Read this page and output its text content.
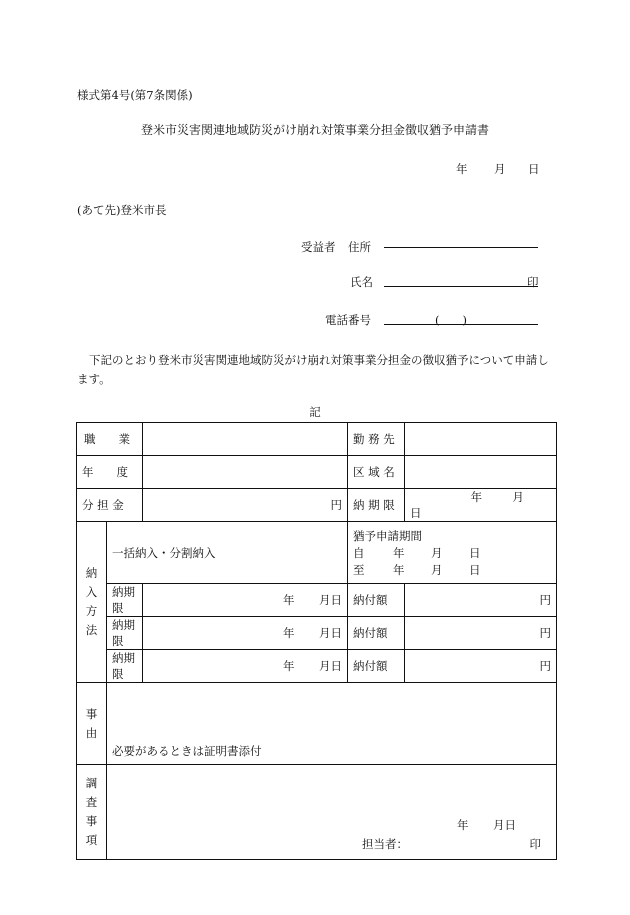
様式第4号(第7条関係)
登米市災害関連地域防災がけ崩れ対策事業分担金徴収猶予申請書
年 月 日
(あて先)登米市長
受益者 住所
氏名	印
電話番号	(　　)
下記のとおり登米市災害関連地域防災がけ崩れ対策事業分担金の徴収猶予について申請します。
記
職　　業			勤 務 先	
年　　度			区 域 名	
分 担 金		円	納 期 限	年 月 日

納入方法	一括納入・分割納入		猶予申請期間
自 年 月 日
至 年 月 日	

	納期限	年 月日	納付額	円
	納期限	年 月日	納付額	円
	納期限	年 月日	納付額	円

事由	必要があるときは証明書添付			

調査事項	年 月日
担当者： 印			
